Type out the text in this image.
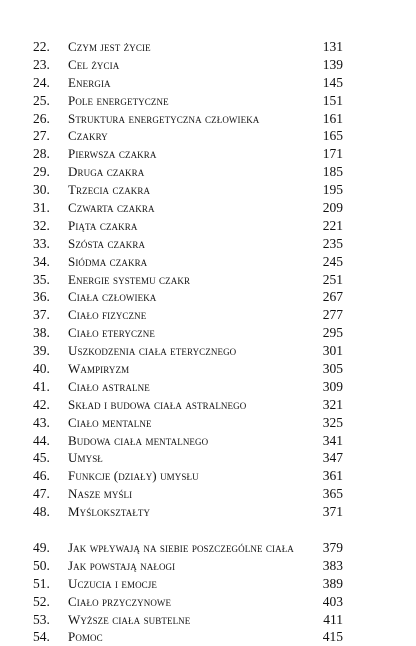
22.	Czym jest życie	131
23.	Cel życia	139
24.	Energia	145
25.	Pole energetyczne	151
26.	Struktura energetyczna człowieka	161
27.	Czakry	165
28.	Pierwsza czakra	171
29.	Druga czakra	185
30.	Trzecia czakra	195
31.	Czwarta czakra	209
32.	Piąta czakra	221
33.	Szósta czakra	235
34.	Siódma czakra	245
35.	Energie systemu czakr	251
36.	Ciała człowieka	267
37.	Ciało fizyczne	277
38.	Ciało eteryczne	295
39.	Uszkodzenia ciała eterycznego	301
40.	Wampiryzm	305
41.	Ciało astralne	309
42.	Skład i budowa ciała astralnego	321
43.	Ciało mentalne	325
44.	Budowa ciała mentalnego	341
45.	Umysł	347
46.	Funkcje (działy) umysłu	361
47.	Nasze myśli	365
48.	Myślokształty	371
49.	Jak wpływają na siebie poszczególne ciała	379
50.	Jak powstają nałogi	383
51.	Uczucia i emocje	389
52.	Ciało przyczynowe	403
53.	Wyższe ciała subtelne	411
54.	Pomoc	415
